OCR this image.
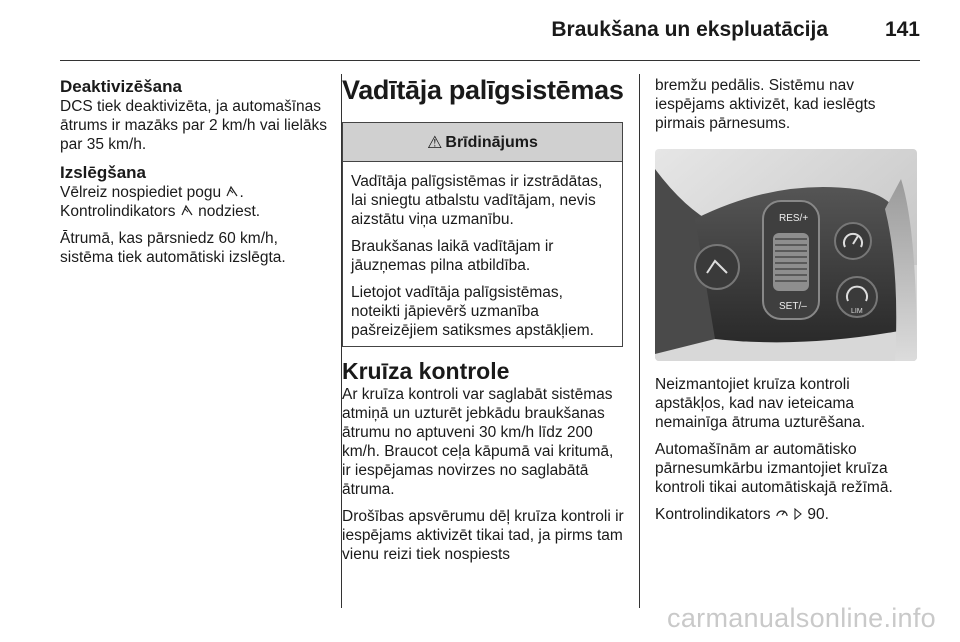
Braukšana un ekspluatācija	141
Deaktivizēšana

DCS tiek deaktivizēta, ja automašīnas ātrums ir mazāks par 2 km/h vai lielāks par 35 km/h.

Izslēgšana

Vēlreiz nospiediet pogu .

Kontrolindikators nodziest.

Ātrumā, kas pārsniedz 60 km/h, sistēma tiek automātiski izslēgta.

Vadītāja palīgsistēmas
⚠ Brīdinājums

Vadītāja palīgsistēmas ir izstrādātas, lai sniegtu atbalstu vadītājam, nevis aizstātu viņa uzmanību.

Braukšanas laikā vadītājam ir jāuzņemas pilna atbildība.

Lietojot vadītāja palīgsistēmas, noteikti jāpievērš uzmanība pašreizējiem satiksmes apstākļiem.

Kruīza kontrole

Ar kruīza kontroli var saglabāt sistēmas atmiņā un uzturēt jebkādu braukšanas ātrumu no aptuveni 30 km/h līdz 200 km/h. Braucot ceļa kāpumā vai kritumā, ir iespējamas novirzes no saglabātā ātruma.

Drošības apsvērumu dēļ kruīza kontroli ir iespējams aktivizēt tikai tad, ja pirms tam vienu reizi tiek nospiests

bremžu pedālis. Sistēmu nav iespējams aktivizēt, kad ieslēgts pirmais pārnesums.

RES/+
SET/–	LIM

Neizmantojiet kruīza kontroli apstākļos, kad nav ieteicama nemainīga ātruma uzturēšana.

Automašīnām ar automātisko pārnesumkārbu izmantojiet kruīza kontroli tikai automātiskajā režīmā.

Kontrolindikators 90.

carmanualsonline.info
